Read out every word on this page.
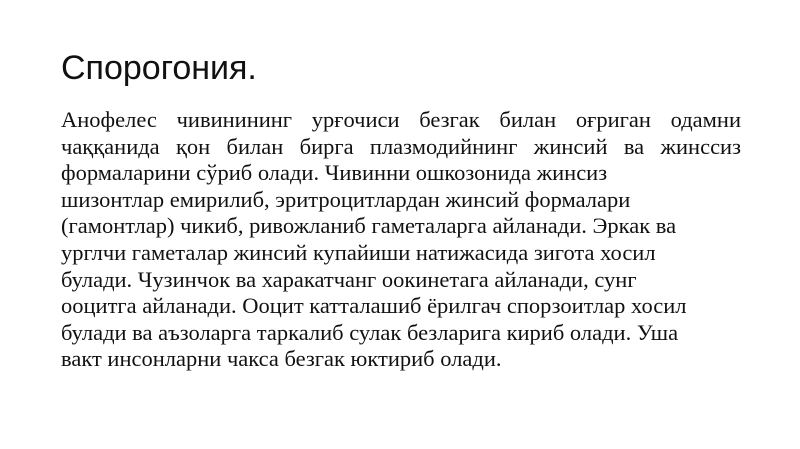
Спорогония.
Анофелес чивинининг урғочиси безгак билан оғриган одамни
чаққанида қон билан бирга плазмодийнинг жинсий ва жинссиз
формаларини сўриб олади. Чивинни ошкозонида жинсиз
шизонтлар емирилиб, эритроцитлардан жинсий формалари
(гамонтлар) чикиб, ривожланиб гаметаларга айланади. Эркак ва
урглчи гаметалар жинсий купайиши натижасида зигота хосил
булади. Чузинчок ва харакатчанг оокинетага айланади, сунг
ооцитга айланади. Ооцит катталашиб ёрилгач спорзоитлар хосил
булади ва аъзоларга таркалиб сулак безларига кириб олади. Уша
вакт инсонларни чакса безгак юктириб олади.
